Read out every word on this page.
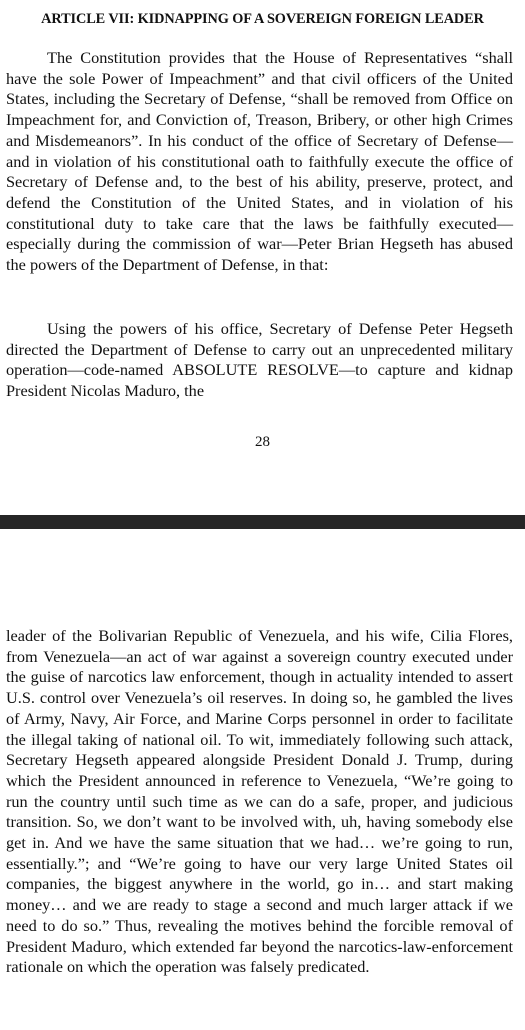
ARTICLE VII: KIDNAPPING OF A SOVEREIGN FOREIGN LEADER

The Constitution provides that the House of Representatives “shall have the sole Power of Impeachment” and that civil officers of the United States, including the Secretary of Defense, “shall be removed from Office on Impeachment for, and Conviction of, Treason, Bribery, or other high Crimes and Misdemeanors”. In his conduct of the office of Secretary of Defense—and in violation of his constitutional oath to faithfully execute the office of Secretary of Defense and, to the best of his ability, preserve, protect, and defend the Constitution of the United States, and in violation of his constitutional duty to take care that the laws be faithfully executed—especially during the commission of war—Peter Brian Hegseth has abused the powers of the Department of Defense, in that:

Using the powers of his office, Secretary of Defense Peter Hegseth directed the Department of Defense to carry out an unprecedented military operation—code-named ABSOLUTE RESOLVE—to capture and kidnap President Nicolas Maduro, the

28

leader of the Bolivarian Republic of Venezuela, and his wife, Cilia Flores, from Venezuela—an act of war against a sovereign country executed under the guise of narcotics law enforcement, though in actuality intended to assert U.S. control over Venezuela’s oil reserves. In doing so, he gambled the lives of Army, Navy, Air Force, and Marine Corps personnel in order to facilitate the illegal taking of national oil. To wit, immediately following such attack, Secretary Hegseth appeared alongside President Donald J. Trump, during which the President announced in reference to Venezuela, “We’re going to run the country until such time as we can do a safe, proper, and judicious transition. So, we don’t want to be involved with, uh, having somebody else get in. And we have the same situation that we had… we’re going to run, essentially.”; and “We’re going to have our very large United States oil companies, the biggest anywhere in the world, go in… and start making money… and we are ready to stage a second and much larger attack if we need to do so.” Thus, revealing the motives behind the forcible removal of President Maduro, which extended far beyond the narcotics-law-enforcement rationale on which the operation was falsely predicated.
